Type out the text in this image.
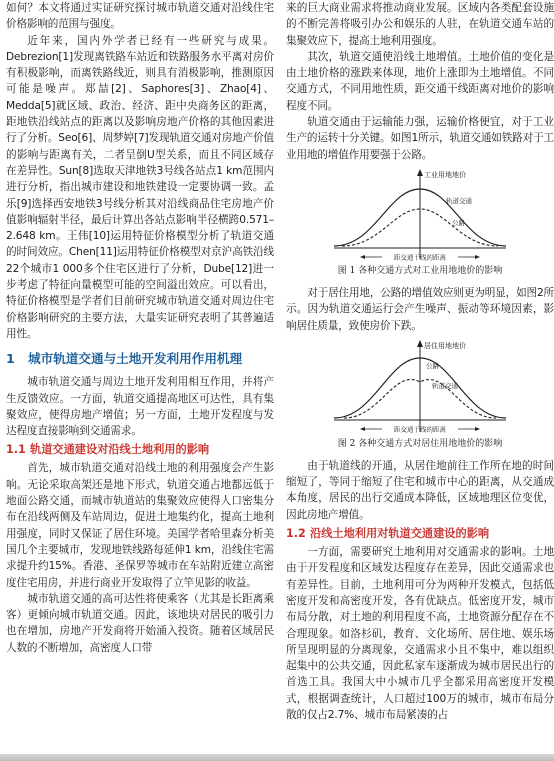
如何？本文将通过实证研究探讨城市轨道交通对沿线住宅价格影响的范围与强度。

近年来，国内外学者已经有一些研究与成果。Debrezion[1]发现离铁路车站近和铁路服务水平离对房价有积极影响，而离铁路线近，则具有消极影响，推测原因可能是噪声。郑喆[2]、Saphores[3]、Zhao[4]、Medda[5]就区域、政治、经济、距中央商务区的距离，距地铁沿线站点的距离以及影响房地产价格的其他因素进行了分析。Seo[6]、周梦婷[7]发现轨道交通对房地产价值的影响与距离有关，二者呈倒U型关系，而且不同区域存在差异性。Sun[8]选取天津地铁3号线各站点1 km范围内进行分析，指出城市建设和地铁建设一定要协调一致。孟乐[9]选择西安地铁3号线分析其对沿线商品住宅房地产价值影响辐射半径，最后计算出各站点影响半径横跨0.571–2.648 km。王伟[10]运用特征价格模型分析了轨道交通的时间效应。Chen[11]运用特征价格模型对京沪高铁沿线22个城市1 000多个住宅区进行了分析，Dube[12]进一步考虑了特征向量模型可能的空间溢出效应。可以看出，特征价格模型是学者们目前研究城市轨道交通对周边住宅价格影响研究的主要方法，大量实证研究表明了其普遍适用性。

1 城市轨道交通与土地开发利用作用机理

城市轨道交通与周边土地开发利用相互作用，并将产生反馈效应。一方面，轨道交通提高地区可达性，具有集聚效应，使得房地产增值；另一方面，土地开发程度与发达程度直接影响到交通需求。

1.1 轨道交通建设对沿线土地利用的影响

首先，城市轨道交通对沿线土地的利用强度会产生影响。无论采取高架还是地下形式，轨道交通占地都远低于地面公路交通，而城市轨道站的集聚效应使得人口密集分布在沿线两侧及车站周边，促进土地集约化，提高土地利用强度，同时又保证了居住环境。美国学者哈里森分析美国几个主要城市，发现地铁线路每延伸1 km，沿线住宅需求提升约15%。香港、圣保罗等城市在车站附近建立高密度住宅用房，并进行商业开发取得了立竿见影的收益。

城市轨道交通的高可达性将使乘客（尤其是长距离乘客）更倾向城市轨道交通。因此，该地块对居民的吸引力也在增加，房地产开发商将开始涌入投资。随着区域居民人数的不断增加，高密度人口带

来的巨大商业需求将推动商业发展。区域内各类配套设施的不断完善将吸引办公和娱乐的人驻，在轨道交通车站的集聚效应下，提高土地利用强度。

其次，轨道交通使沿线土地增值。土地价值的变化是由土地价格的涨跌来体现，地价上涨即为土地增值。不同交通方式，不同用地性质，距交通干线距离对地价的影响程度不同。

轨道交通由于运输能力强，运输价格便宜，对于工业生产的运转十分关键。如图1所示，轨道交通如铁路对于工业用地的增值作用要强于公路。

工业用地地价
轨道交通
公路
距交通干线的距离
图 1 各种交通方式对工业用地地价的影响

对于居住用地，公路的增值效应则更为明显，如图2所示。因为轨道交通运行会产生噪声、振动等环境因素，影响居住质量，致使房价下跌。

居住用地地价
公路
轨道交通
距交通干线的距离
图 2 各种交通方式对居住用地地价的影响

由于轨道线的开通，从居住地前往工作所在地的时间缩短了，等同于缩短了住宅和城市中心的距离，从交通成本角度，居民的出行交通成本降低，区域地理区位变优，因此房地产增值。

1.2 沿线土地利用对轨道交通建设的影响

一方面，需要研究土地利用对交通需求的影响。土地由于开发程度和区域发达程度存在差异，因此交通需求也有差异性。目前，土地利用可分为两种开发模式，包括低密度开发和高密度开发，各有优缺点。低密度开发，城市布局分散，对土地的利用程度不高，土地资源分配存在不合理现象。如洛杉矶，教育、文化场所、居住地、娱乐场所呈现明显的分离现象，交通需求小且不集中，难以组织起集中的公共交通，因此私家车逐渐成为城市居民出行的首选工具。我国大中小城市几乎全都采用高密度开发模式，根据调查统计，人口超过100万的城市，城市布局分散的仅占2.7%、城市布局紧凑的占
